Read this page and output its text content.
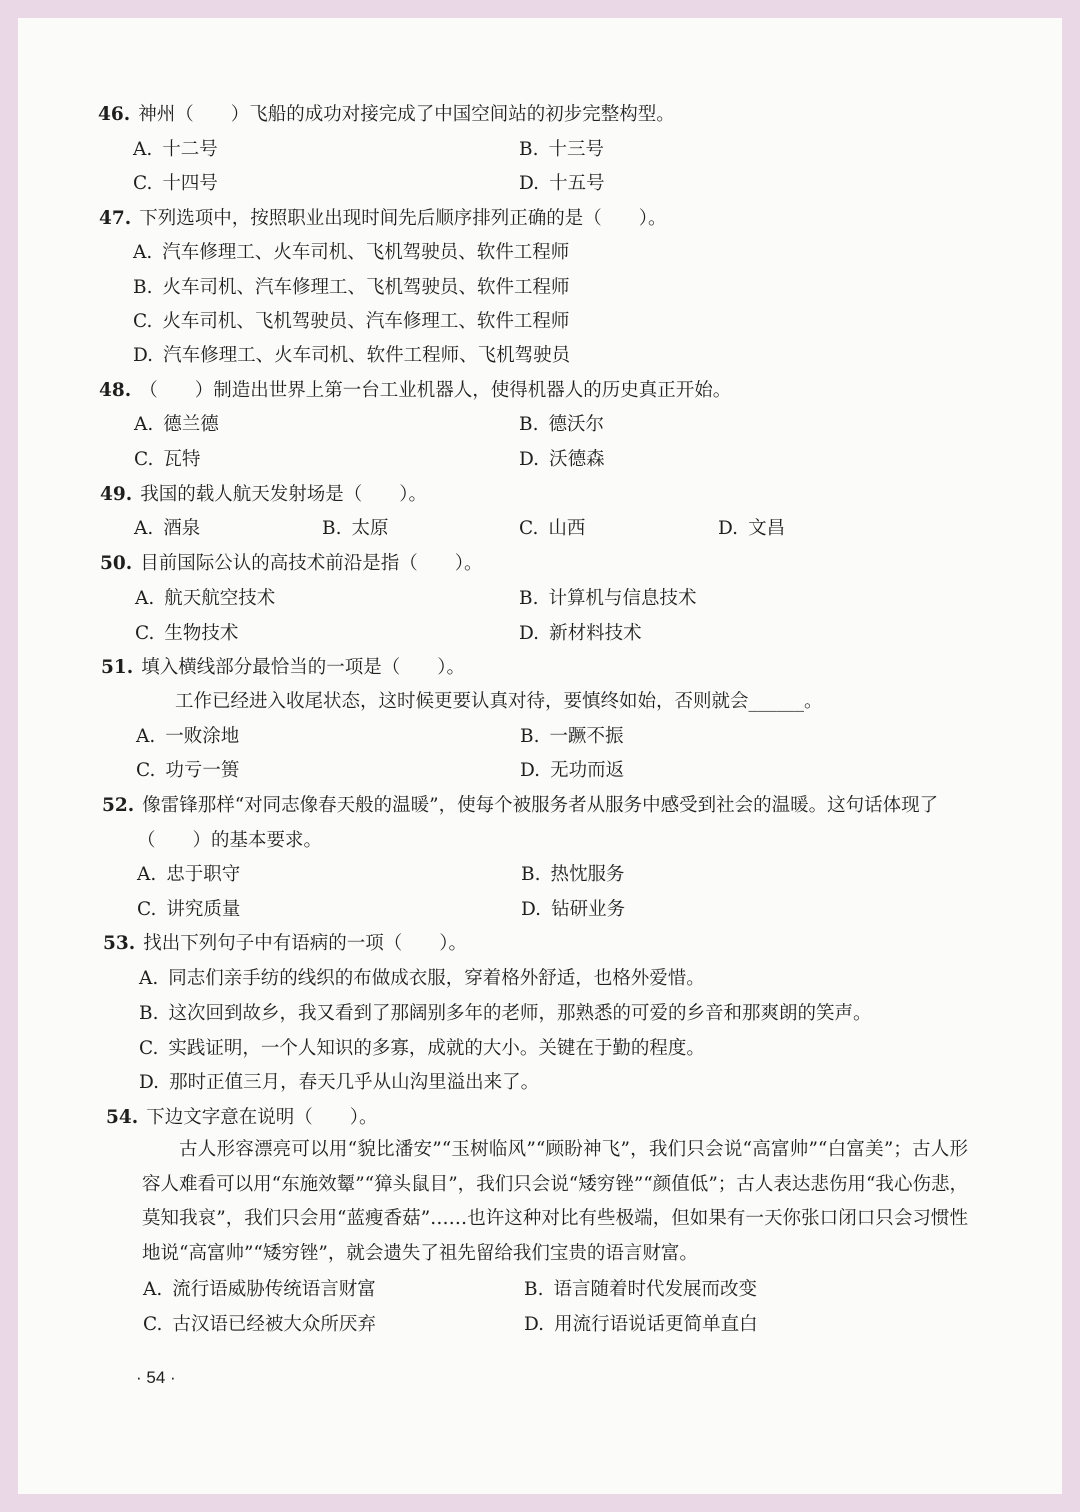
46. 神州（　　）飞船的成功对接完成了中国空间站的初步完整构型。
A. 十二号	B. 十三号
C. 十四号	D. 十五号
47. 下列选项中，按照职业出现时间先后顺序排列正确的是（　　）。
A. 汽车修理工、火车司机、飞机驾驶员、软件工程师
B. 火车司机、汽车修理工、飞机驾驶员、软件工程师
C. 火车司机、飞机驾驶员、汽车修理工、软件工程师
D. 汽车修理工、火车司机、软件工程师、飞机驾驶员
48. （　　）制造出世界上第一台工业机器人，使得机器人的历史真正开始。
A. 德兰德	B. 德沃尔
C. 瓦特	D. 沃德森
49. 我国的载人航天发射场是（　　）。
A. 酒泉	B. 太原	C. 山西	D. 文昌
50. 目前国际公认的高技术前沿是指（　　）。
A. 航天航空技术	B. 计算机与信息技术
C. 生物技术	D. 新材料技术
51. 填入横线部分最恰当的一项是（　　）。
工作已经进入收尾状态，这时候更要认真对待，要慎终如始，否则就会______。
A. 一败涂地	B. 一蹶不振
C. 功亏一篑	D. 无功而返
52. 像雷锋那样“对同志像春天般的温暖”，使每个被服务者从服务中感受到社会的温暖。这句话体现了
（　　）的基本要求。
A. 忠于职守	B. 热忱服务
C. 讲究质量	D. 钻研业务
53. 找出下列句子中有语病的一项（　　）。
A. 同志们亲手纺的线织的布做成衣服，穿着格外舒适，也格外爱惜。
B. 这次回到故乡，我又看到了那阔别多年的老师，那熟悉的可爱的乡音和那爽朗的笑声。
C. 实践证明，一个人知识的多寡，成就的大小。关键在于勤的程度。
D. 那时正值三月，春天几乎从山沟里溢出来了。
54. 下边文字意在说明（　　）。
古人形容漂亮可以用“貌比潘安”“玉树临风”“顾盼神飞”，我们只会说“高富帅”“白富美”；古人形容人难看可以用“东施效颦”“獐头鼠目”，我们只会说“矮穷锉”“颜值低”；古人表达悲伤用“我心伤悲，莫知我哀”，我们只会用“蓝瘦香菇”……也许这种对比有些极端，但如果有一天你张口闭口只会习惯性地说“高富帅”“矮穷锉”，就会遗失了祖先留给我们宝贵的语言财富。
A. 流行语威胁传统语言财富	B. 语言随着时代发展而改变
C. 古汉语已经被大众所厌弃	D. 用流行语说话更简单直白
· 54 ·
